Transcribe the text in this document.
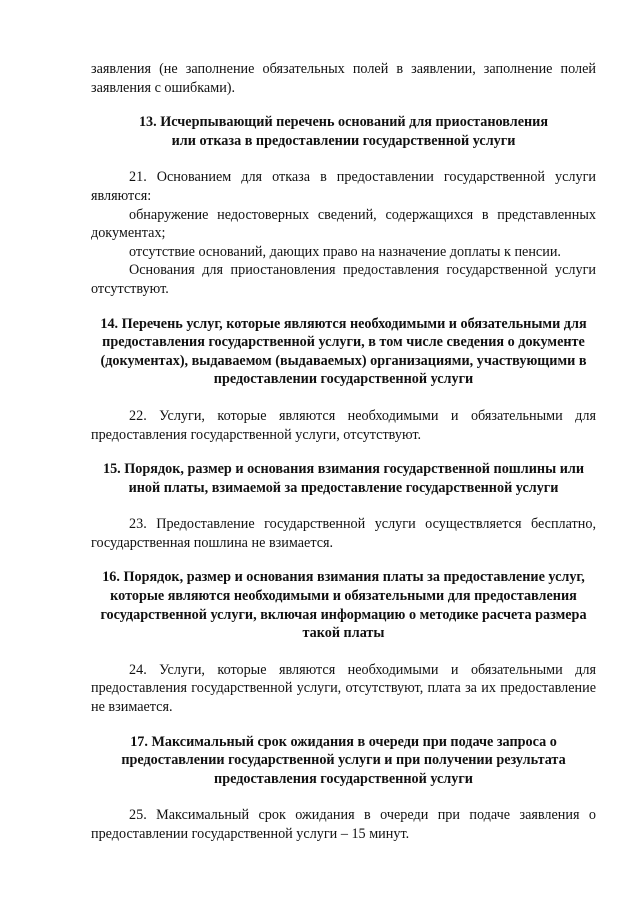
заявления (не заполнение обязательных полей в заявлении, заполнение полей заявления с ошибками).

13. Исчерпывающий перечень оснований для приостановления или отказа в предоставлении государственной услуги

21. Основанием для отказа в предоставлении государственной услуги являются:

обнаружение недостоверных сведений, содержащихся в представленных документах;

отсутствие оснований, дающих право на назначение доплаты к пенсии.

Основания для приостановления предоставления государственной услуги отсутствуют.

14. Перечень услуг, которые являются необходимыми и обязательными для предоставления государственной услуги, в том числе сведения о документе (документах), выдаваемом (выдаваемых) организациями, участвующими в предоставлении государственной услуги

22. Услуги, которые являются необходимыми и обязательными для предоставления государственной услуги, отсутствуют.

15. Порядок, размер и основания взимания государственной пошлины или иной платы, взимаемой за предоставление государственной услуги

23. Предоставление государственной услуги осуществляется бесплатно, государственная пошлина не взимается.

16. Порядок, размер и основания взимания платы за предоставление услуг, которые являются необходимыми и обязательными для предоставления государственной услуги, включая информацию о методике расчета размера такой платы

24. Услуги, которые являются необходимыми и обязательными для предоставления государственной услуги, отсутствуют, плата за их предоставление не взимается.

17. Максимальный срок ожидания в очереди при подаче запроса о предоставлении государственной услуги и при получении результата предоставления государственной услуги

25. Максимальный срок ожидания в очереди при подаче заявления о предоставлении государственной услуги – 15 минут.
